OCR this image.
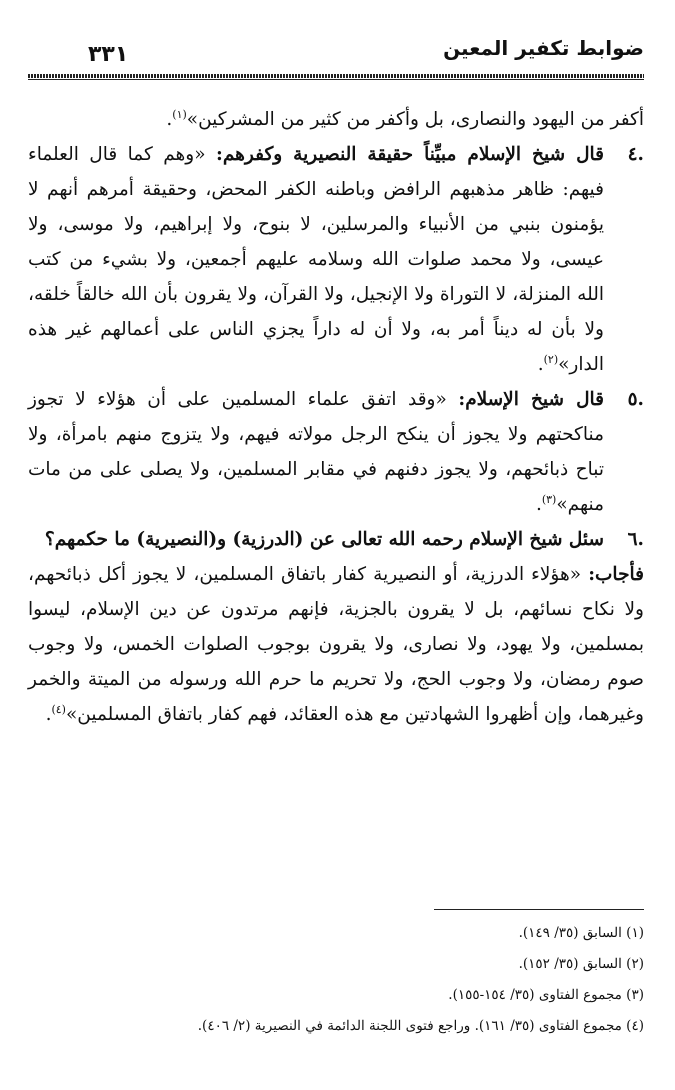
ضوابط تكفير المعين
٣٣١

أكفر من اليهود والنصارى، بل وأكفر من كثير من المشركين»$^{(١)}$.

.٤
قال شيخ الإسلام مبيِّناً حقيقة النصيرية وكفرهم: «وهم كما قال العلماء فيهم: ظاهر مذهبهم الرافض وباطنه الكفر المحض، وحقيقة أمرهم أنهم لا يؤمنون بنبي من الأنبياء والمرسلين، لا بنوح، ولا إبراهيم، ولا موسى، ولا عيسى، ولا محمد صلوات الله وسلامه عليهم أجمعين، ولا بشيء من كتب الله المنزلة، لا التوراة ولا الإنجيل، ولا القرآن، ولا يقرون بأن الله خالقاً خلقه، ولا بأن له ديناً أمر به، ولا أن له داراً يجزي الناس على أعمالهم غير هذه الدار»$^{(٢)}$.
.٥
قال شيخ الإسلام: «وقد اتفق علماء المسلمين على أن هؤلاء لا تجوز مناكحتهم ولا يجوز أن ينكح الرجل مولاته فيهم، ولا يتزوج منهم بامرأة، ولا تباح ذبائحهم، ولا يجوز دفنهم في مقابر المسلمين، ولا يصلى على من مات منهم»$^{(٣)}$.
.٦
سئل شيخ الإسلام رحمه الله تعالى عن (الدرزية) و(النصيرية) ما حكمهم؟

فأجاب: «هؤلاء الدرزية، أو النصيرية كفار باتفاق المسلمين، لا يجوز أكل ذبائحهم، ولا نكاح نسائهم، بل لا يقرون بالجزية، فإنهم مرتدون عن دين الإسلام، ليسوا بمسلمين، ولا يهود، ولا نصارى، ولا يقرون بوجوب الصلوات الخمس، ولا وجوب صوم رمضان، ولا وجوب الحج، ولا تحريم ما حرم الله ورسوله من الميتة والخمر وغيرهما، وإن أظهروا الشهادتين مع هذه العقائد، فهم كفار باتفاق المسلمين»$^{(٤)}$.

(١) السابق (٣٥/ ١٤٩).
(٢) السابق (٣٥/ ١٥٢).
(٣) مجموع الفتاوى (٣٥/ ١٥٤-١٥٥).
(٤) مجموع الفتاوى (٣٥/ ١٦١). وراجع فتوى اللجنة الدائمة في النصيرية (٢/ ٤٠٦).
